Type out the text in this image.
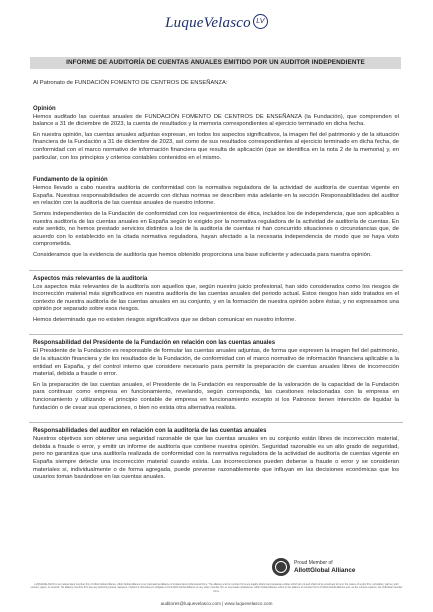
LuqueVelasco LV
INFORME DE AUDITORÍA DE CUENTAS ANUALES EMITIDO POR UN AUDITOR INDEPENDIENTE

Al Patronato de FUNDACIÓN FOMENTO DE CENTROS DE ENSEÑANZA:

Opinión

Hemos auditado las cuentas anuales de FUNDACIÓN FOMENTO DE CENTROS DE ENSEÑANZA (la Fundación), que comprenden el balance a 31 de diciembre de 2023, la cuenta de resultados y la memoria correspondientes al ejercicio terminado en dicha fecha.

En nuestra opinión, las cuentas anuales adjuntas expresan, en todos los aspectos significativos, la imagen fiel del patrimonio y de la situación financiera de la Fundación a 31 de diciembre de 2023, así como de sus resultados correspondientes al ejercicio terminado en dicha fecha, de conformidad con el marco normativo de información financiera que resulta de aplicación (que se identifica en la nota 2 de la memoria) y, en particular, con los principios y criterios contables contenidos en el mismo.

Fundamento de la opinión

Hemos llevado a cabo nuestra auditoría de conformidad con la normativa reguladora de la actividad de auditoría de cuentas vigente en España. Nuestras responsabilidades de acuerdo con dichas normas se describen más adelante en la sección Responsabilidades del auditor en relación con la auditoría de las cuentas anuales de nuestro informe.

Somos independientes de la Fundación de conformidad con los requerimientos de ética, incluidos los de independencia, que son aplicables a nuestra auditoría de las cuentas anuales en España según lo exigido por la normativa reguladora de la actividad de auditoría de cuentas. En este sentido, no hemos prestado servicios distintos a los de la auditoría de cuentas ni han concurrido situaciones o circunstancias que, de acuerdo con lo establecido en la citada normativa reguladora, hayan afectado a la necesaria independencia de modo que se haya visto comprometida.

Consideramos que la evidencia de auditoría que hemos obtenido proporciona una base suficiente y adecuada para nuestra opinión.

Aspectos más relevantes de la auditoría

Los aspectos más relevantes de la auditoría son aquellos que, según nuestro juicio profesional, han sido considerados como los riesgos de incorrección material más significativos en nuestra auditoría de las cuentas anuales del periodo actual. Estos riesgos han sido tratados en el contexto de nuestra auditoría de las cuentas anuales en su conjunto, y en la formación de nuestra opinión sobre éstas, y no expresamos una opinión por separado sobre esos riesgos.

Hemos determinado que no existen riesgos significativos que se deban comunicar en nuestro informe.

Responsabilidad del Presidente de la Fundación en relación con las cuentas anuales

El Presidente de la Fundación es responsable de formular las cuentas anuales adjuntas, de forma que expresen la imagen fiel del patrimonio, de la situación financiera y de los resultados de la Fundación, de conformidad con el marco normativo de información financiera aplicable a la entidad en España, y del control interno que considere necesario para permitir la preparación de cuentas anuales libres de incorrección material, debida a fraude o error.

En la preparación de las cuentas anuales, el Presidente de la Fundación es responsable de la valoración de la capacidad de la Fundación para continuar como empresa en funcionamiento, revelando, según corresponda, las cuestiones relacionadas con la empresa en funcionamiento y utilizando el principio contable de empresa en funcionamiento excepto si los Patronos tienen intención de liquidar la fundación o de cesar sus operaciones, o bien no exista otra alternativa realista.

Responsabilidades del auditor en relación con la auditoría de las cuentas anuales

Nuestros objetivos son obtener una seguridad razonable de que las cuentas anuales en su conjunto están libres de incorrección material, debida a fraude o error, y emitir un informe de auditoría que contiene nuestra opinión. Seguridad razonable es un alto grado de seguridad, pero no garantiza que una auditoría realizada de conformidad con la normativa reguladora de la actividad de auditoría de cuentas vigente en España siempre detecte una incorrección material cuando exista. Las incorrecciones pueden deberse a fraude o error y se consideran materiales si, individualmente o de forma agregada, puede preverse razonablemente que influyan en las decisiones económicas que los usuarios toman basándose en las cuentas anuales.

Proud Member of
AllottGlobal Alliance
LUQUEVELASCO is an independent member firm of Allott Global Alliance. Allott Global Alliance is an international alliance of independent professional firms. The alliance and its member firms are legally distinct and separate entities which do not and shall not be construed to be in the nature of a joint firm, subsidiary, partner, joint venture, agent, or network. No alliance member firm has any authority (actual, apparent, implied or otherwise) to obligate or bind Allott Global Alliance or any other member firm or any leader whatsoever. Allott Global Alliance refers to the alliance of member firms of Allott Global Alliance and, as the context requires, the individual member firms.
auditores@luquevelasco.com | www.luquevelasco.com
